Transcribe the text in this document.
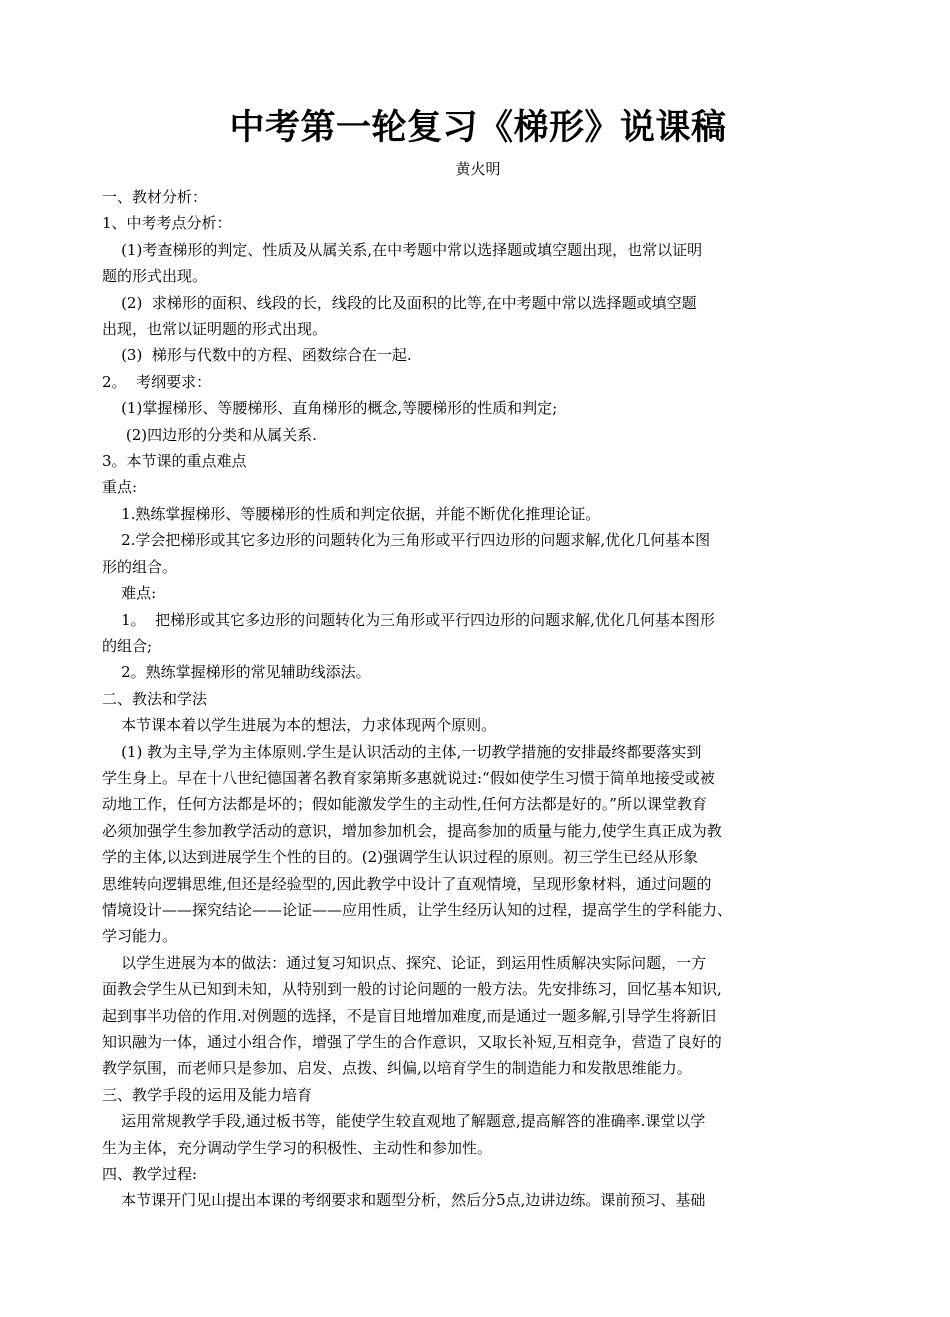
中考第一轮复习《梯形》说课稿
黄火明

一、教材分析：

1、中考考点分析：

(1)考查梯形的判定、性质及从属关系,在中考题中常以选择题或填空题出现，也常以证明

题的形式出现。

(2)  求梯形的面积、线段的长，线段的比及面积的比等,在中考题中常以选择题或填空题

出现，也常以证明题的形式出现。

(3)  梯形与代数中的方程、函数综合在一起.

2。  考纲要求：

(1)掌握梯形、等腰梯形、直角梯形的概念,等腰梯形的性质和判定;

(2)四边形的分类和从属关系.

3。本节课的重点难点

重点:

1.熟练掌握梯形、等腰梯形的性质和判定依据，并能不断优化推理论证。

2.学会把梯形或其它多边形的问题转化为三角形或平行四边形的问题求解,优化几何基本图

形的组合。

难点:

1。  把梯形或其它多边形的问题转化为三角形或平行四边形的问题求解,优化几何基本图形

的组合;

2。熟练掌握梯形的常见辅助线添法。

二、教法和学法

本节课本着以学生进展为本的想法，力求体现两个原则。

(1) 教为主导,学为主体原则.学生是认识活动的主体,一切教学措施的安排最终都要落实到

学生身上。早在十八世纪德国著名教育家第斯多惠就说过:“假如使学生习惯于简单地接受或被

动地工作，任何方法都是坏的；假如能激发学生的主动性,任何方法都是好的。”所以课堂教育

必须加强学生参加教学活动的意识，增加参加机会，提高参加的质量与能力,使学生真正成为教

学的主体,以达到进展学生个性的目的。(2)强调学生认识过程的原则。初三学生已经从形象

思维转向逻辑思维,但还是经验型的,因此教学中设计了直观情境，呈现形象材料，通过问题的

情境设计——探究结论——论证——应用性质，让学生经历认知的过程，提高学生的学科能力、

学习能力。

以学生进展为本的做法：通过复习知识点、探究、论证，到运用性质解决实际问题，一方

面教会学生从已知到未知，从特别到一般的讨论问题的一般方法。先安排练习，回忆基本知识,

起到事半功倍的作用.对例题的选择，不是盲目地增加难度,而是通过一题多解,引导学生将新旧

知识融为一体，通过小组合作，增强了学生的合作意识，又取长补短,互相竞争，营造了良好的

教学氛围，而老师只是参加、启发、点拨、纠偏,以培育学生的制造能力和发散思维能力。

三、教学手段的运用及能力培育

运用常规教学手段,通过板书等，能使学生较直观地了解题意,提高解答的准确率.课堂以学

生为主体，充分调动学生学习的积极性、主动性和参加性。

四、教学过程:

本节课开门见山提出本课的考纲要求和题型分析，然后分5点,边讲边练。课前预习、基础
